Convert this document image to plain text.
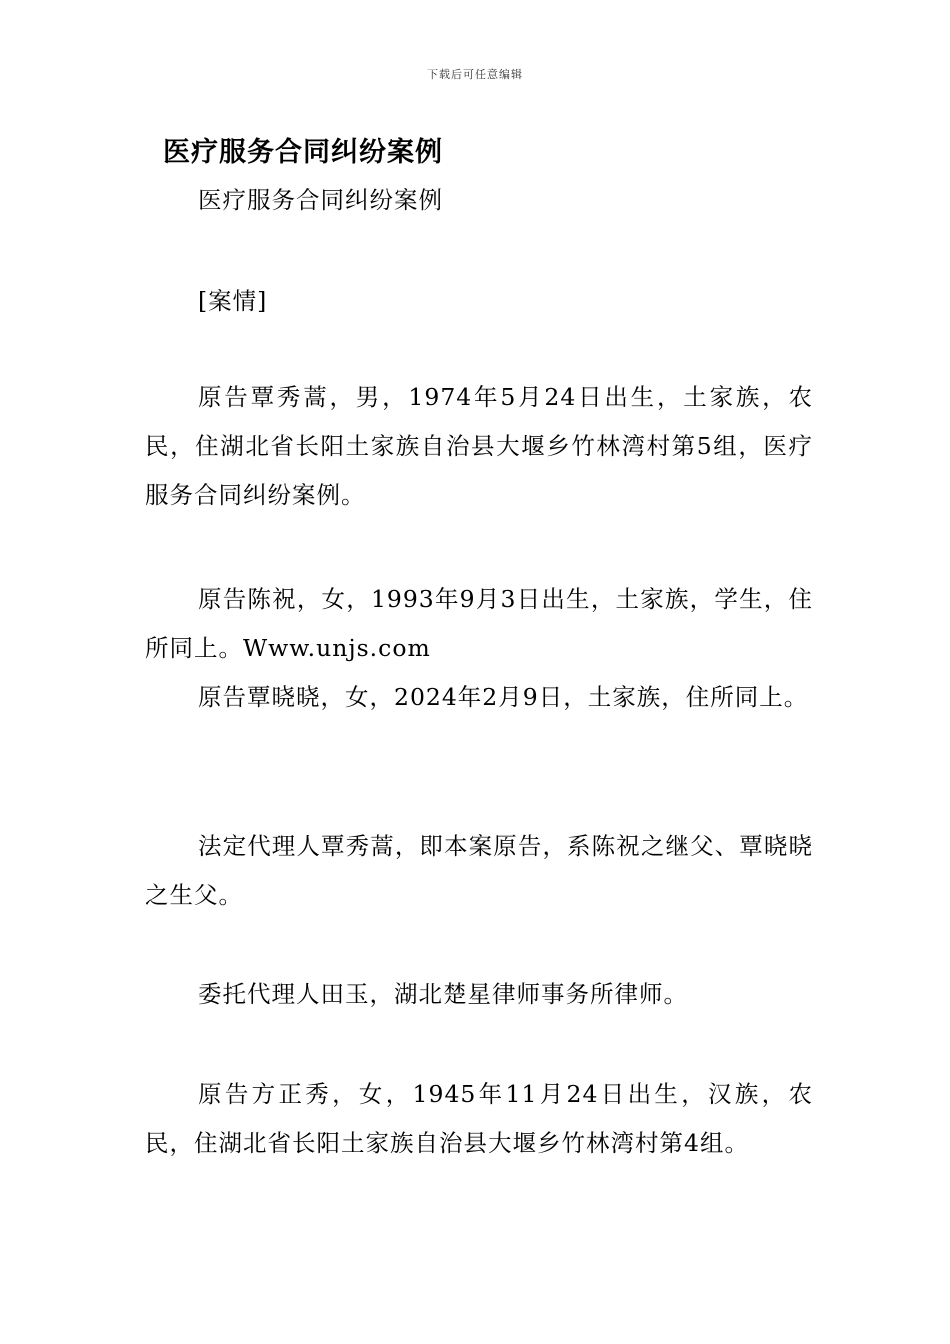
下载后可任意编辑
医疗服务合同纠纷案例

医疗服务合同纠纷案例

[案情]

原告覃秀蒿，男，1974年5月24日出生，土家族，农民，住湖北省长阳土家族自治县大堰乡竹林湾村第5组，医疗服务合同纠纷案例。

原告陈祝，女，1993年9月3日出生，土家族，学生，住所同上。Www.unjs.com

原告覃晓晓，女，2024年2月9日，土家族，住所同上。

法定代理人覃秀蒿，即本案原告，系陈祝之继父、覃晓晓之生父。

委托代理人田玉，湖北楚星律师事务所律师。

原告方正秀，女，1945年11月24日出生，汉族，农民，住湖北省长阳土家族自治县大堰乡竹林湾村第4组。
